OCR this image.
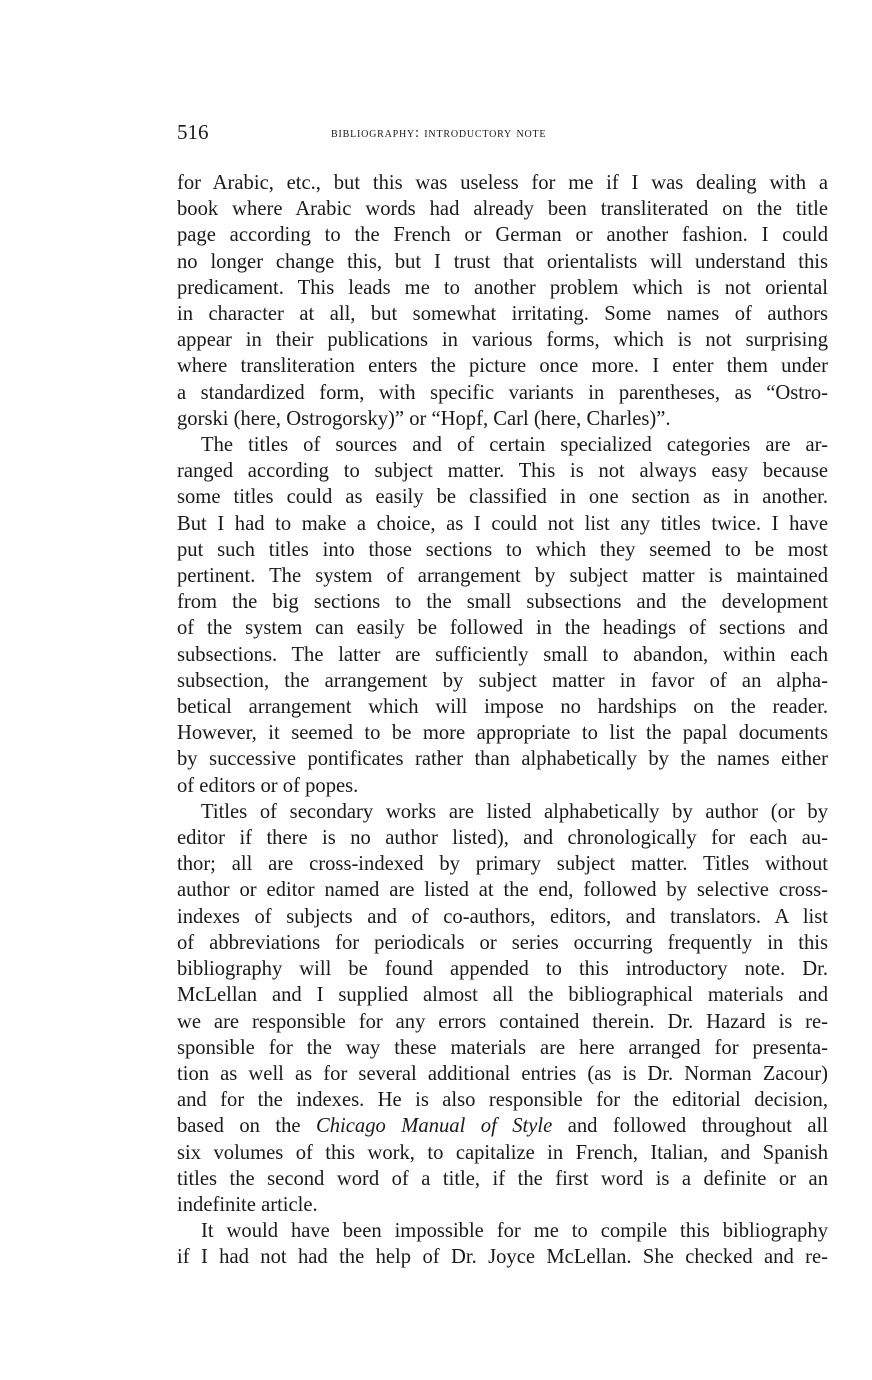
516	bibliography: introductory note

for Arabic, etc., but this was useless for me if I was dealing with a
book where Arabic words had already been transliterated on the title
page according to the French or German or another fashion. I could
no longer change this, but I trust that orientalists will understand this
predicament. This leads me to another problem which is not oriental
in character at all, but somewhat irritating. Some names of authors
appear in their publications in various forms, which is not surprising
where transliteration enters the picture once more. I enter them under
a standardized form, with specific variants in parentheses, as “Ostro-
gorski (here, Ostrogorsky)” or “Hopf, Carl (here, Charles)”.

The titles of sources and of certain specialized categories are ar-
ranged according to subject matter. This is not always easy because
some titles could as easily be classified in one section as in another.
But I had to make a choice, as I could not list any titles twice. I have
put such titles into those sections to which they seemed to be most
pertinent. The system of arrangement by subject matter is maintained
from the big sections to the small subsections and the development
of the system can easily be followed in the headings of sections and
subsections. The latter are sufficiently small to abandon, within each
subsection, the arrangement by subject matter in favor of an alpha-
betical arrangement which will impose no hardships on the reader.
However, it seemed to be more appropriate to list the papal documents
by successive pontificates rather than alphabetically by the names either
of editors or of popes.

Titles of secondary works are listed alphabetically by author (or by
editor if there is no author listed), and chronologically for each au-
thor; all are cross-indexed by primary subject matter. Titles without
author or editor named are listed at the end, followed by selective cross-
indexes of subjects and of co-authors, editors, and translators. A list
of abbreviations for periodicals or series occurring frequently in this
bibliography will be found appended to this introductory note. Dr.
McLellan and I supplied almost all the bibliographical materials and
we are responsible for any errors contained therein. Dr. Hazard is re-
sponsible for the way these materials are here arranged for presenta-
tion as well as for several additional entries (as is Dr. Norman Zacour)
and for the indexes. He is also responsible for the editorial decision,
based on the Chicago Manual of Style and followed throughout all
six volumes of this work, to capitalize in French, Italian, and Spanish
titles the second word of a title, if the first word is a definite or an
indefinite article.

It would have been impossible for me to compile this bibliography
if I had not had the help of Dr. Joyce McLellan. She checked and re-
